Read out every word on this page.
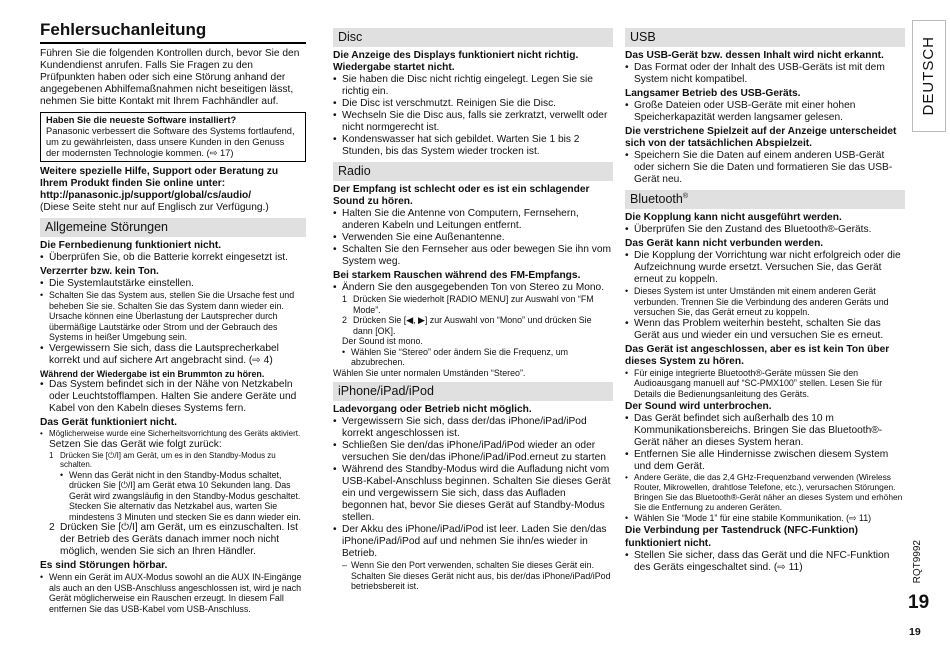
Fehlersuchanleitung

Führen Sie die folgenden Kontrollen durch, bevor Sie den Kundendienst anrufen. Falls Sie Fragen zu den Prüfpunkten haben oder sich eine Störung anhand der angegebenen Abhilfemaßnahmen nicht beseitigen lässt, nehmen Sie bitte Kontakt mit Ihrem Fachhändler auf.

Haben Sie die neueste Software installiert?
Panasonic verbessert die Software des Systems fortlaufend, um zu gewährleisten, dass unsere Kunden in den Genuss der modernsten Technologie kommen. (⇨ 17)
Weitere spezielle Hilfe, Support oder Beratung zu Ihrem Produkt finden Sie online unter: http://panasonic.jp/support/global/cs/audio/
(Diese Seite steht nur auf Englisch zur Verfügung.)
Allgemeine Störungen
Die Fernbedienung funktioniert nicht.
• Überprüfen Sie, ob die Batterie korrekt eingesetzt ist.
Verzerrter bzw. kein Ton.
• Die Systemlautstärke einstellen.
• Schalten Sie das System aus, stellen Sie die Ursache fest und beheben Sie sie. Schalten Sie das System dann wieder ein. Ursache können eine Überlastung der Lautsprecher durch übermäßige Lautstärke oder Strom und der Gebrauch des Systems in heißer Umgebung sein.
• Vergewissern Sie sich, dass die Lautsprecherkabel korrekt und auf sichere Art angebracht sind. (⇨ 4)
Während der Wiedergabe ist ein Brummton zu hören.
• Das System befindet sich in der Nähe von Netzkabeln oder Leuchtstofflampen. Halten Sie andere Geräte und Kabel von den Kabeln dieses Systems fern.
Das Gerät funktioniert nicht.
• Möglicherweise wurde eine Sicherheitsvorrichtung des Geräts aktiviert.
Setzen Sie das Gerät wie folgt zurück:
1 Drücken Sie [⏻/I] am Gerät, um es in den Standby-Modus zu schalten.
• Wenn das Gerät nicht in den Standby-Modus schaltet, drücken Sie [⏻/I] am Gerät etwa 10 Sekunden lang. Das Gerät wird zwangsläufig in den Standby-Modus geschaltet. Stecken Sie alternativ das Netzkabel aus, warten Sie mindestens 3 Minuten und stecken Sie es dann wieder ein.
2 Drücken Sie [⏻/I] am Gerät, um es einzuschalten. Ist der Betrieb des Geräts danach immer noch nicht möglich, wenden Sie sich an Ihren Händler.
Es sind Störungen hörbar.
• Wenn ein Gerät im AUX-Modus sowohl an die AUX IN-Eingänge als auch an den USB-Anschluss angeschlossen ist, wird je nach Gerät möglicherweise ein Rauschen erzeugt. In diesem Fall entfernen Sie das USB-Kabel vom USB-Anschluss.
Disc
Die Anzeige des Displays funktioniert nicht richtig. Wiedergabe startet nicht.
• Sie haben die Disc nicht richtig eingelegt. Legen Sie sie richtig ein.
• Die Disc ist verschmutzt. Reinigen Sie die Disc.
• Wechseln Sie die Disc aus, falls sie zerkratzt, verwellt oder nicht normgerecht ist.
• Kondenswasser hat sich gebildet. Warten Sie 1 bis 2 Stunden, bis das System wieder trocken ist.
Radio
Der Empfang ist schlecht oder es ist ein schlagender Sound zu hören.
• Halten Sie die Antenne von Computern, Fernsehern, anderen Kabeln und Leitungen entfernt.
• Verwenden Sie eine Außenantenne.
• Schalten Sie den Fernseher aus oder bewegen Sie ihn vom System weg.
Bei starkem Rauschen während des FM-Empfangs.
• Ändern Sie den ausgegebenden Ton von Stereo zu Mono.
1 Drücken Sie wiederholt [RADIO MENU] zur Auswahl von “FM Mode”.
2 Drücken Sie [◀, ▶] zur Auswahl von “Mono” und drücken Sie dann [OK].
Der Sound ist mono.
• Wählen Sie “Stereo” oder ändern Sie die Frequenz, um abzubrechen.
Wählen Sie unter normalen Umständen “Stereo”.
iPhone/iPad/iPod
Ladevorgang oder Betrieb nicht möglich.
• Vergewissern Sie sich, dass der/das iPhone/iPad/iPod korrekt angeschlossen ist.
• Schließen Sie den/das iPhone/iPad/iPod wieder an oder versuchen Sie den/das iPhone/iPad/iPod.erneut zu starten
• Während des Standby-Modus wird die Aufladung nicht vom USB-Kabel-Anschluss beginnen. Schalten Sie dieses Gerät ein und vergewissern Sie sich, dass das Aufladen begonnen hat, bevor Sie dieses Gerät auf Standby-Modus stellen.
• Der Akku des iPhone/iPad/iPod ist leer. Laden Sie den/das iPhone/iPad/iPod auf und nehmen Sie ihn/es wieder in Betrieb.
– Wenn Sie den Port verwenden, schalten Sie dieses Gerät ein. Schalten Sie dieses Gerät nicht aus, bis der/das iPhone/iPad/iPod betriebsbereit ist.
USB
Das USB-Gerät bzw. dessen Inhalt wird nicht erkannt.
• Das Format oder der Inhalt des USB-Geräts ist mit dem System nicht kompatibel.
Langsamer Betrieb des USB-Geräts.
• Große Dateien oder USB-Geräte mit einer hohen Speicherkapazität werden langsamer gelesen.
Die verstrichene Spielzeit auf der Anzeige unterscheidet sich von der tatsächlichen Abspielzeit.
• Speichern Sie die Daten auf einem anderen USB-Gerät oder sichern Sie die Daten und formatieren Sie das USB-Gerät neu.
Bluetooth®
Die Kopplung kann nicht ausgeführt werden.
• Überprüfen Sie den Zustand des Bluetooth®-Geräts.
Das Gerät kann nicht verbunden werden.
• Die Kopplung der Vorrichtung war nicht erfolgreich oder die Aufzeichnung wurde ersetzt. Versuchen Sie, das Gerät erneut zu koppeln.
• Dieses System ist unter Umständen mit einem anderen Gerät verbunden. Trennen Sie die Verbindung des anderen Geräts und versuchen Sie, das Gerät erneut zu koppeln.
• Wenn das Problem weiterhin besteht, schalten Sie das Gerät aus und wieder ein und versuchen Sie es erneut.
Das Gerät ist angeschlossen, aber es ist kein Ton über dieses System zu hören.
• Für einige integrierte Bluetooth®-Geräte müssen Sie den Audioausgang manuell auf “SC-PMX100” stellen. Lesen Sie für Details die Bedienungsanleitung des Geräts.
Der Sound wird unterbrochen.
• Das Gerät befindet sich außerhalb des 10 m Kommunikationsbereichs. Bringen Sie das Bluetooth®-Gerät näher an dieses System heran.
• Entfernen Sie alle Hindernisse zwischen diesem System und dem Gerät.
• Andere Geräte, die das 2,4 GHz-Frequenzband verwenden (Wireless Router, Mikrowellen, drahtlose Telefone, etc.), verursachen Störungen. Bringen Sie das Bluetooth®-Gerät näher an dieses System und erhöhen Sie die Entfernung zu anderen Geräten.
• Wählen Sie “Mode 1” für eine stabile Kommunikation. (⇨ 11)
Die Verbindung per Tastendruck (NFC-Funktion) funktioniert nicht.
• Stellen Sie sicher, dass das Gerät und die NFC-Funktion des Geräts eingeschaltet sind. (⇨ 11)
DEUTSCH
RQT9992
19
19
